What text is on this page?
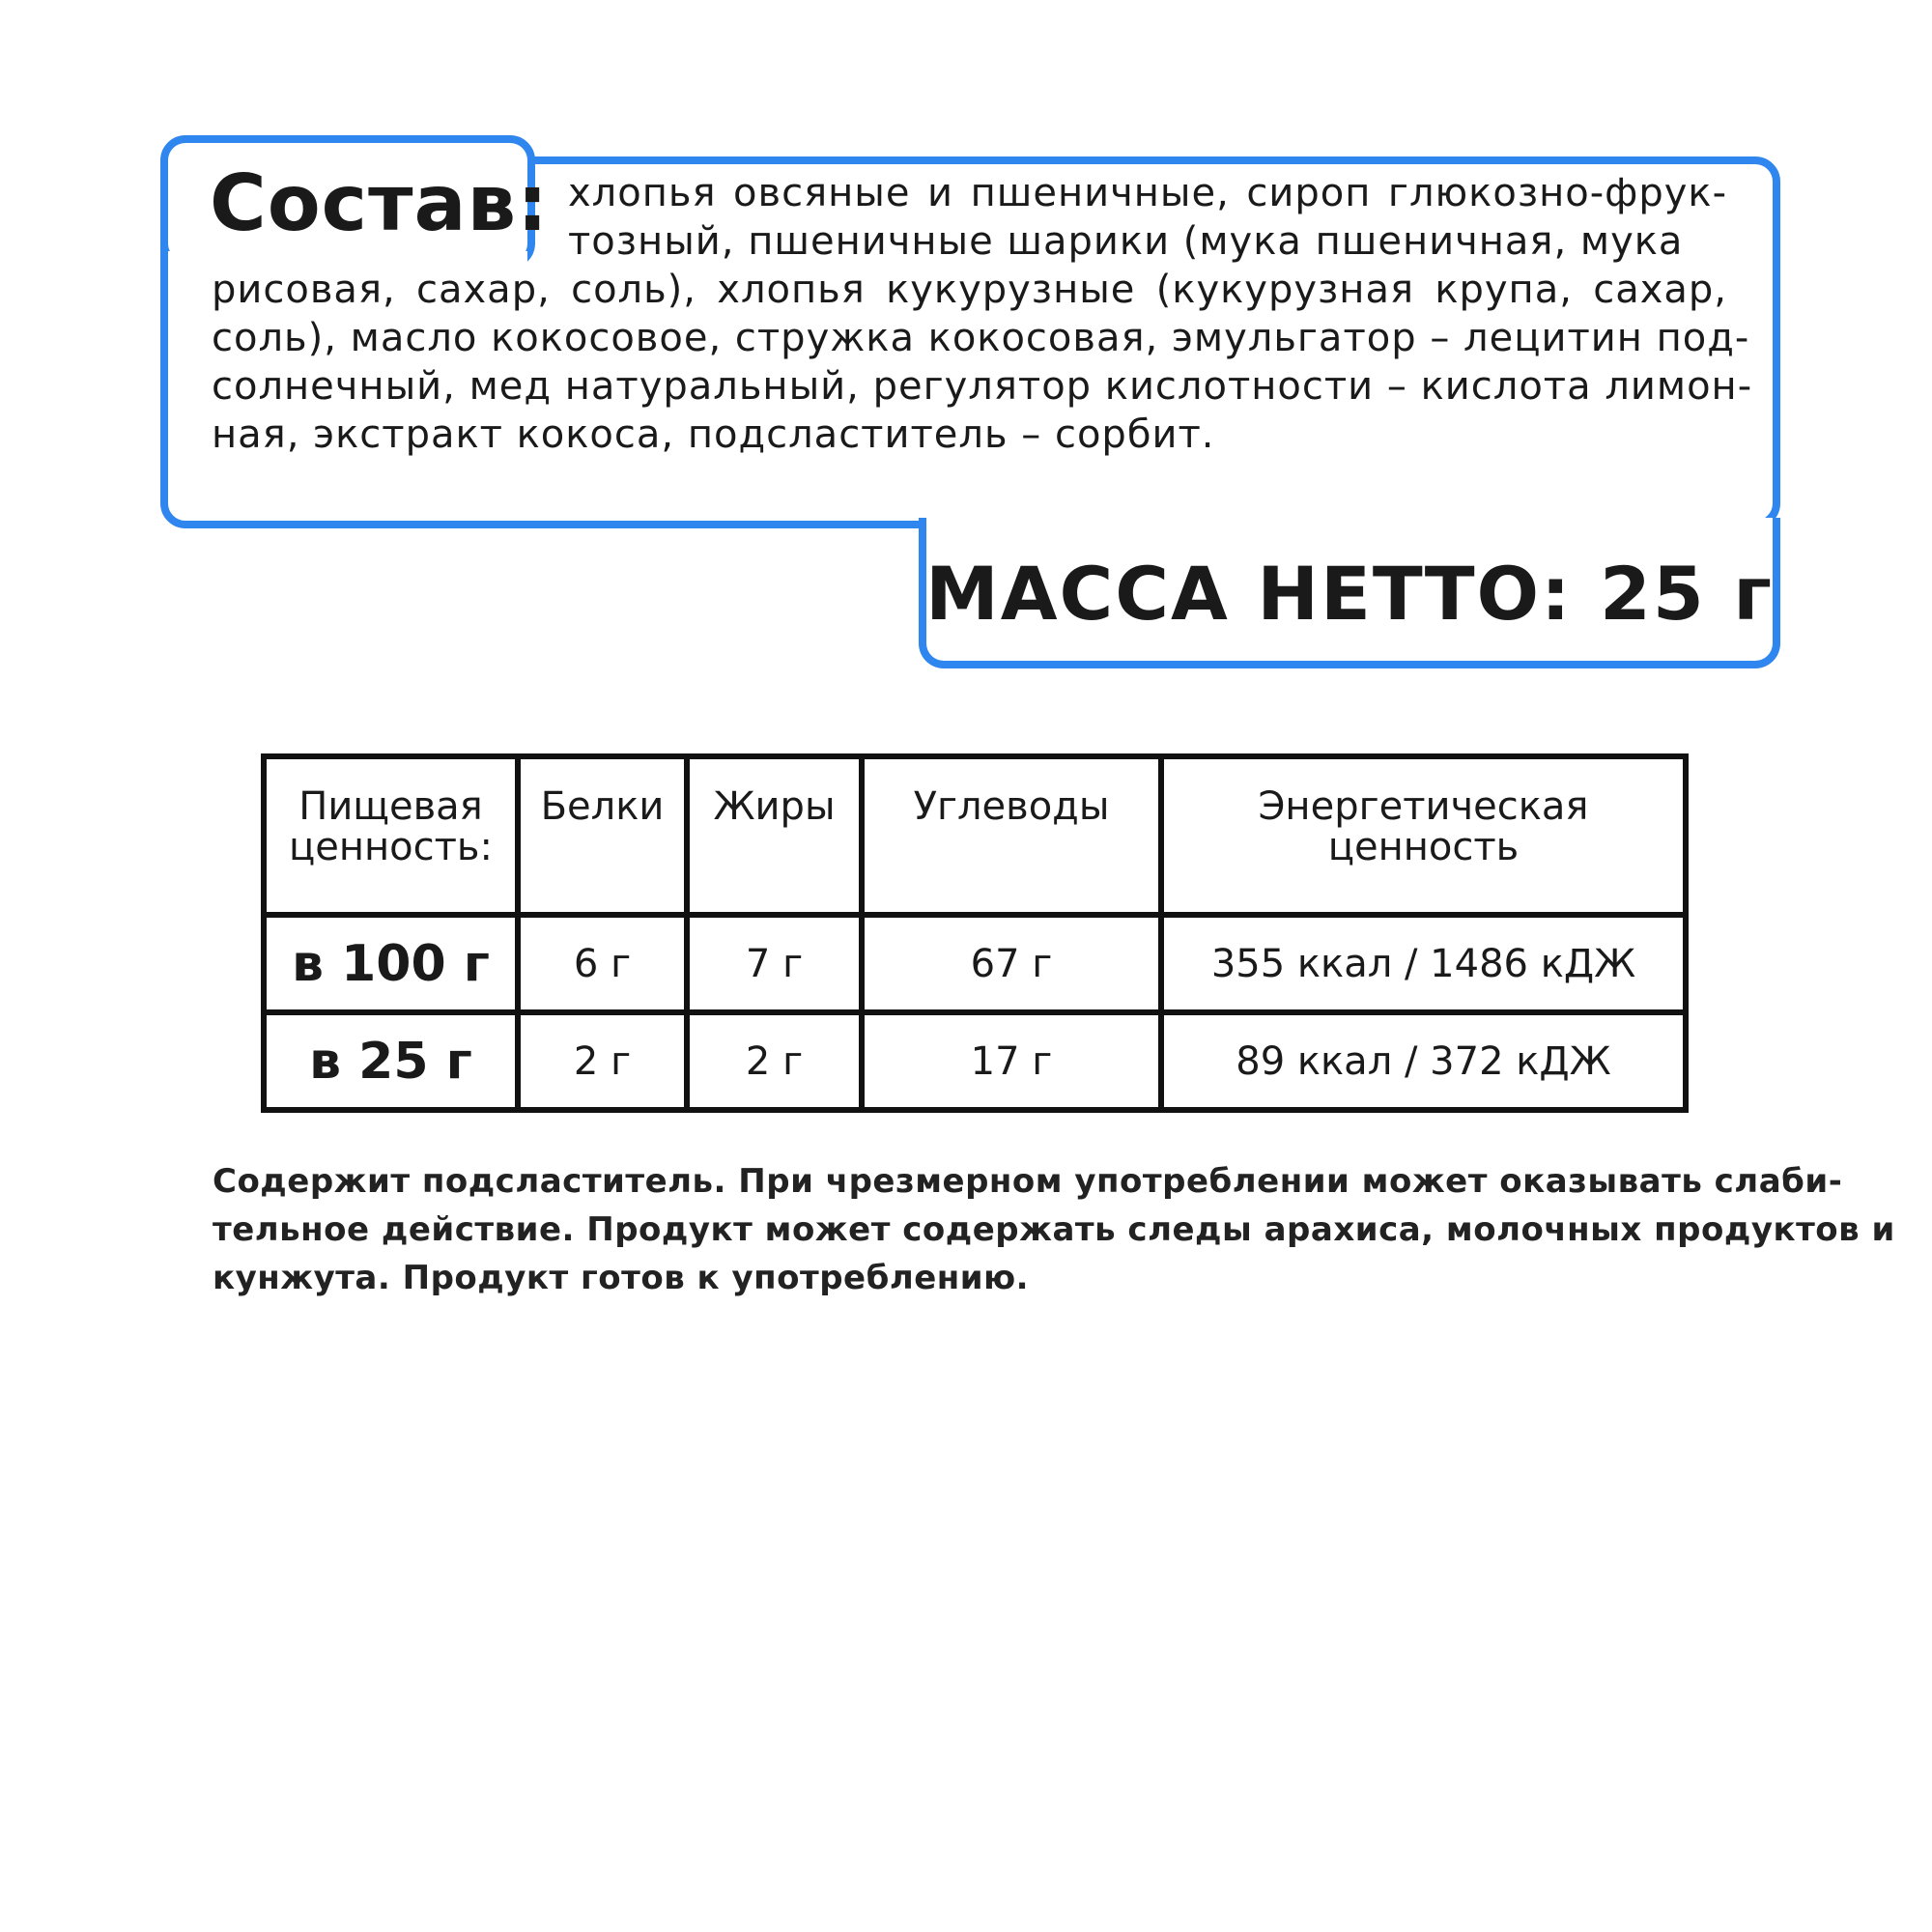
Состав: хлопья овсяные и пшеничные, сироп глюкозно-фрук-
тозный, пшеничные шарики (мука пшеничная, мука
рисовая, сахар, соль), хлопья кукурузные (кукурузная крупа, сахар,
соль), масло кокосовое, стружка кокосовая, эмульгатор – лецитин под-
солнечный, мед натуральный, регулятор кислотности – кислота лимон-
ная, экстракт кокоса, подсластитель – сорбит.
МАССА НЕТТО: 25 г
Пищевая ценность:	Белки	Жиры	Углеводы	Энергетическая ценность
в 100 г	6 г	7 г	67 г	355 ккал / 1486 кДЖ
в 25 г	2 г	2 г	17 г	89 ккал / 372 кДЖ
Содержит подсластитель. При чрезмерном употреблении может оказывать слаби-
тельное действие. Продукт может содержать следы арахиса, молочных продуктов и
кунжута. Продукт готов к употреблению.
